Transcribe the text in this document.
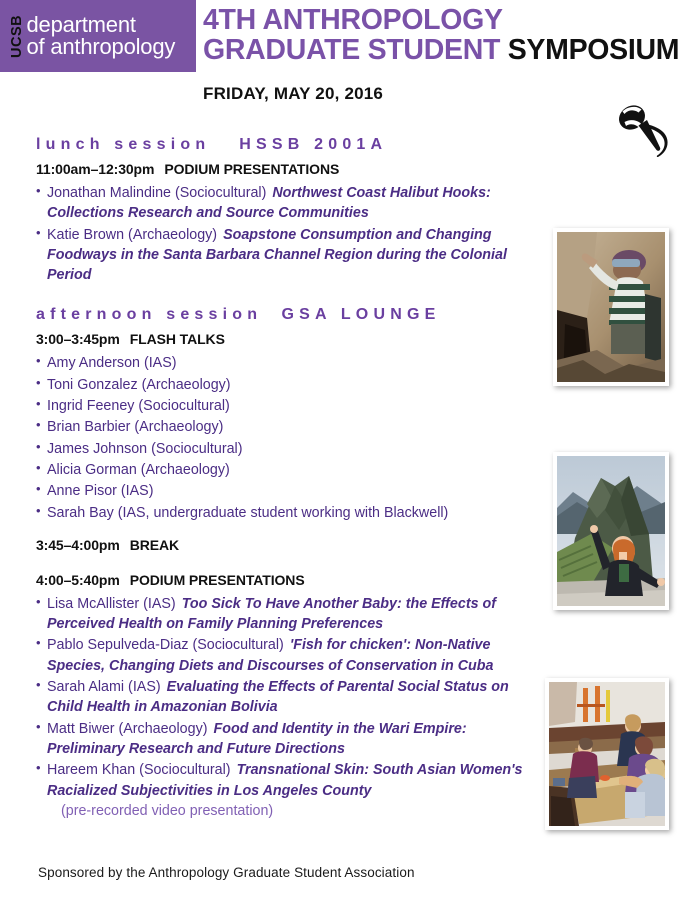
UCSB department
of anthropology
4TH ANTHROPOLOGY
GRADUATE STUDENT SYMPOSIUM
FRIDAY, MAY 20, 2016
lunch session HSSB 2001A
11:00am–12:30pm PODIUM PRESENTATIONS
• Jonathan Malindine (Sociocultural) Northwest Coast Halibut Hooks: Collections Research and Source Communities
• Katie Brown (Archaeology) Soapstone Consumption and Changing Foodways in the Santa Barbara Channel Region during the Colonial Period
afternoon session GSA LOUNGE
3:00–3:45pm FLASH TALKS
• Amy Anderson (IAS)
• Toni Gonzalez (Archaeology)
• Ingrid Feeney (Sociocultural)
• Brian Barbier (Archaeology)
• James Johnson (Sociocultural)
• Alicia Gorman (Archaeology)
• Anne Pisor (IAS)
• Sarah Bay (IAS, undergraduate student working with Blackwell)
3:45–4:00pm BREAK
4:00–5:40pm PODIUM PRESENTATIONS
• Lisa McAllister (IAS) Too Sick To Have Another Baby: the Effects of Perceived Health on Family Planning Preferences
• Pablo Sepulveda-Diaz (Sociocultural) 'Fish for chicken': Non-Native Species, Changing Diets and Discourses of Conservation in Cuba
• Sarah Alami (IAS) Evaluating the Effects of Parental Social Status on Child Health in Amazonian Bolivia
• Matt Biwer (Archaeology) Food and Identity in the Wari Empire: Preliminary Research and Future Directions
• Hareem Khan (Sociocultural) Transnational Skin: South Asian Women's Racialized Subjectivities in Los Angeles County
(pre-recorded video presentation)
Sponsored by the Anthropology Graduate Student Association
